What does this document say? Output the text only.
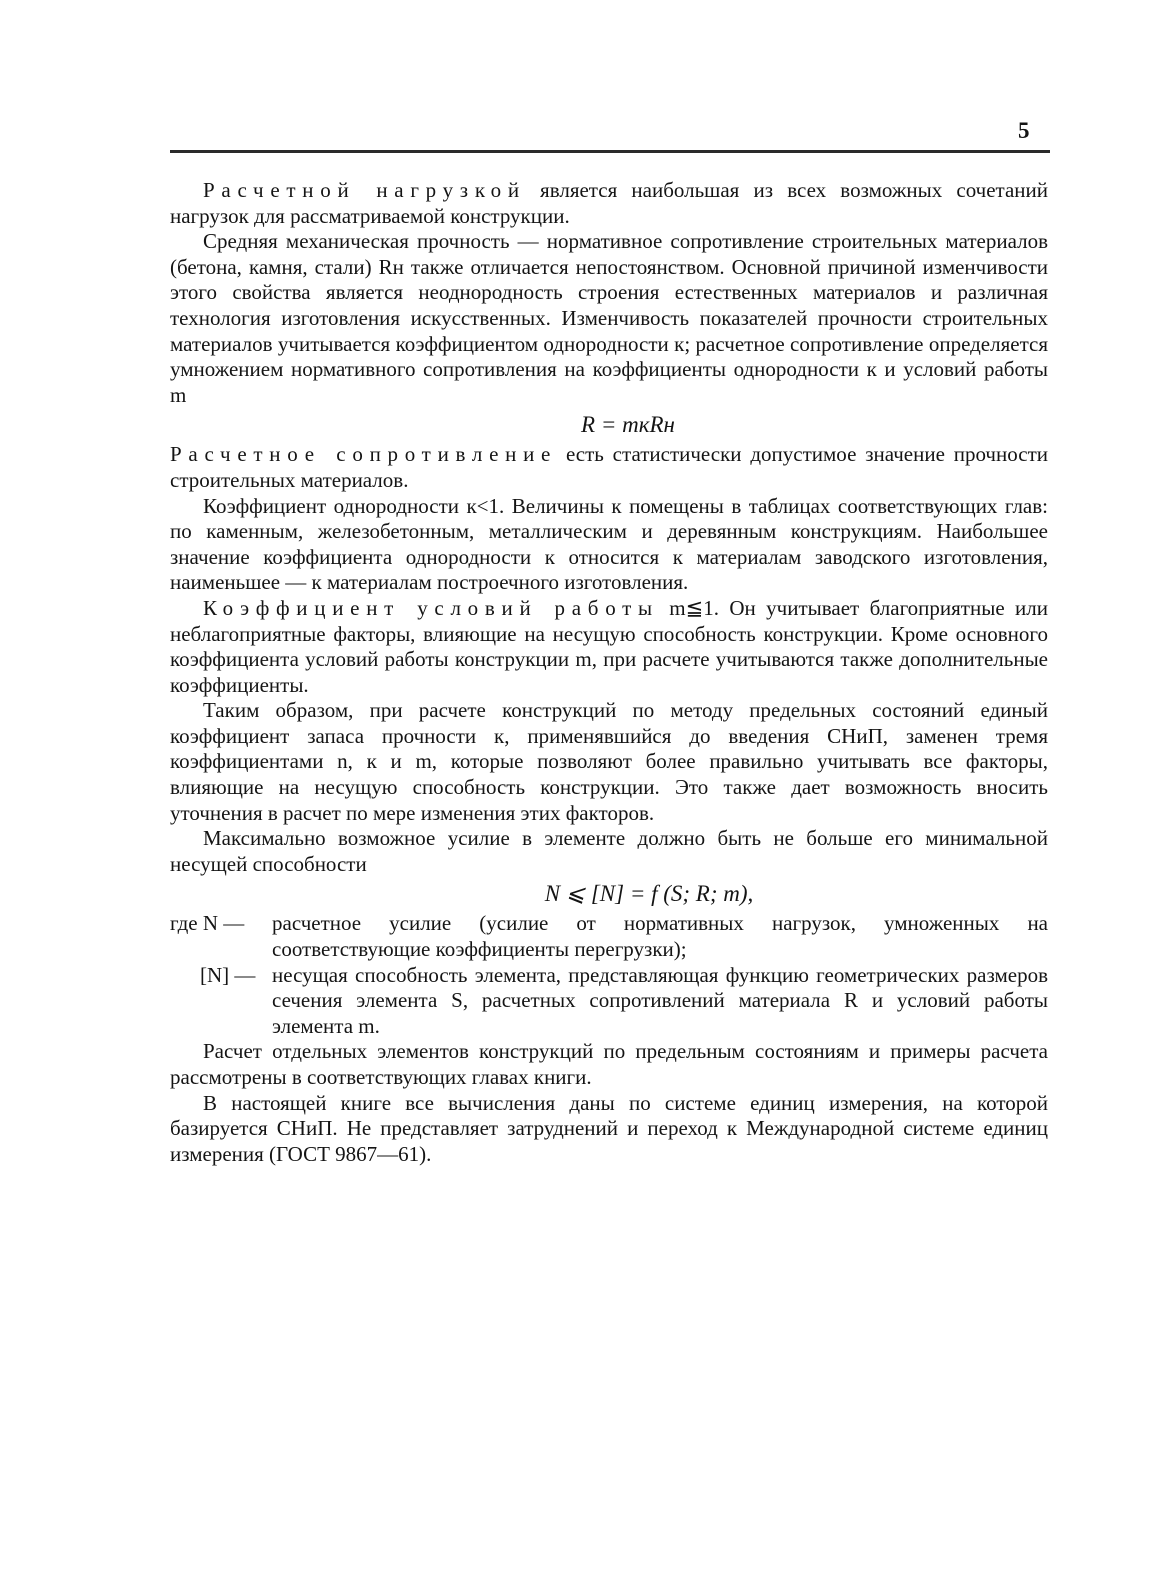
5

Расчетной нагрузкой является наибольшая из всех возможных сочетаний нагрузок для рассматриваемой конструкции.

Средняя механическая прочность — нормативное сопротивление строительных материалов (бетона, камня, стали) Rн также отличается непостоянством. Основной причиной изменчивости этого свойства является неоднородность строения естественных материалов и различная технология изготовления искусственных. Изменчивость показателей прочности строительных материалов учитывается коэффициентом однородности к; расчетное сопротивление определяется умножением нормативного сопротивления на коэффициенты однородности к и условий работы m

R = mкRн

Расчетное сопротивление есть статистически допустимое значение прочности строительных материалов.

Коэффициент однородности к<1. Величины к помещены в таблицах соответствующих глав: по каменным, железобетонным, металлическим и деревянным конструкциям. Наибольшее значение коэффициента однородности к относится к материалам заводского изготовления, наименьшее — к материалам построечного изготовления.

Коэффициент условий работы m≦1. Он учитывает благоприятные или неблагоприятные факторы, влияющие на несущую способность конструкции. Кроме основного коэффициента условий работы конструкции m, при расчете учитываются также дополнительные коэффициенты.

Таким образом, при расчете конструкций по методу предельных состояний единый коэффициент запаса прочности к, применявшийся до введения СНиП, заменен тремя коэффициентами n, к и m, которые позволяют более правильно учитывать все факторы, влияющие на несущую способность конструкции. Это также дает возможность вносить уточнения в расчет по мере изменения этих факторов.

Максимально возможное усилие в элементе должно быть не больше его минимальной несущей способности

N ⩽ [N] = f (S; R; m),
где N —	расчетное усилие (усилие от нормативных нагрузок, умноженных на соответствующие коэффициенты перегрузки);
[N] — несущая способность элемента, представляющая функцию геометрических размеров сечения элемента S, расчетных сопротивлений материала R и условий работы элемента m.

Расчет отдельных элементов конструкций по предельным состояниям и примеры расчета рассмотрены в соответствующих главах книги.

В настоящей книге все вычисления даны по системе единиц измерения, на которой базируется СНиП. Не представляет затруднений и переход к Международной системе единиц измерения (ГОСТ 9867—61).
